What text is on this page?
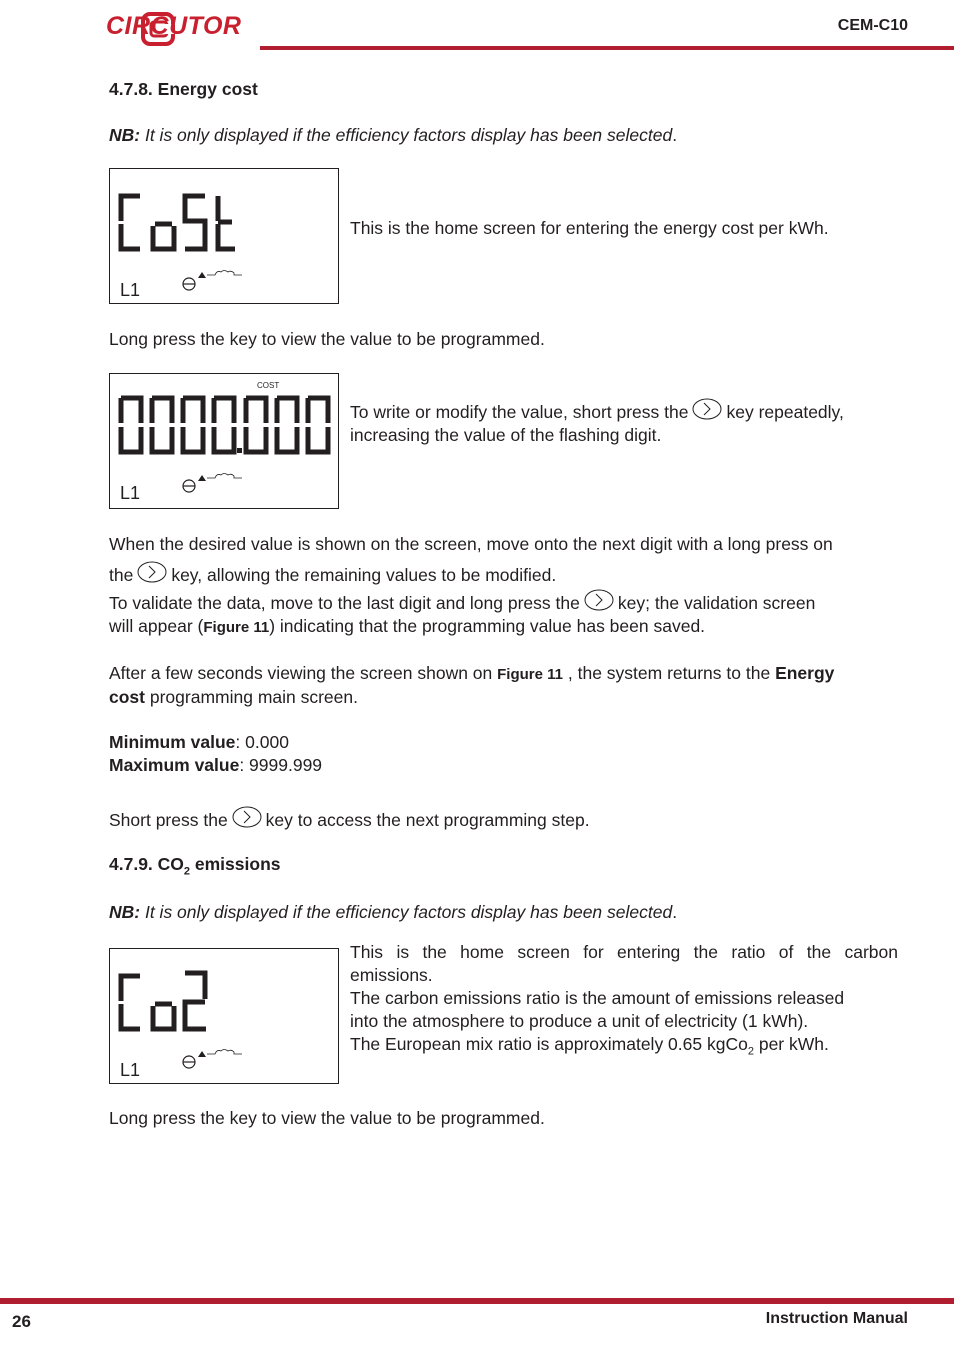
CIRCUTOR	CEM-C10
4.7.8. Energy cost
NB: It is only displayed if the efficiency factors display has been selected.
L1
This is the home screen for entering the energy cost per kWh.
Long press the key to view the value to be programmed.
COST
L1
To write or modify the value, short press the key repeatedly,
increasing the value of the flashing digit.
When the desired value is shown on the screen, move onto the next digit with a long press on
the key, allowing the remaining values to be modified.
To validate the data, move to the last digit and long press the key; the validation screen
will appear (Figure 11) indicating that the programming value has been saved.
After a few seconds viewing the screen shown on Figure 11 , the system returns to the Energy
cost programming main screen.
Minimum value: 0.000
Maximum value: 9999.999
Short press the key to access the next programming step.
4.7.9. $CO_2$ emissions
NB: It is only displayed if the efficiency factors display has been selected.
L1
This is the home screen for entering the ratio of the carbon
emissions.
The carbon emissions ratio is the amount of emissions released
into the atmosphere to produce a unit of electricity (1 kWh).
The European mix ratio is approximately 0.65 kgCo$_2$ per kWh.
Long press the key to view the value to be programmed.
26	Instruction Manual
